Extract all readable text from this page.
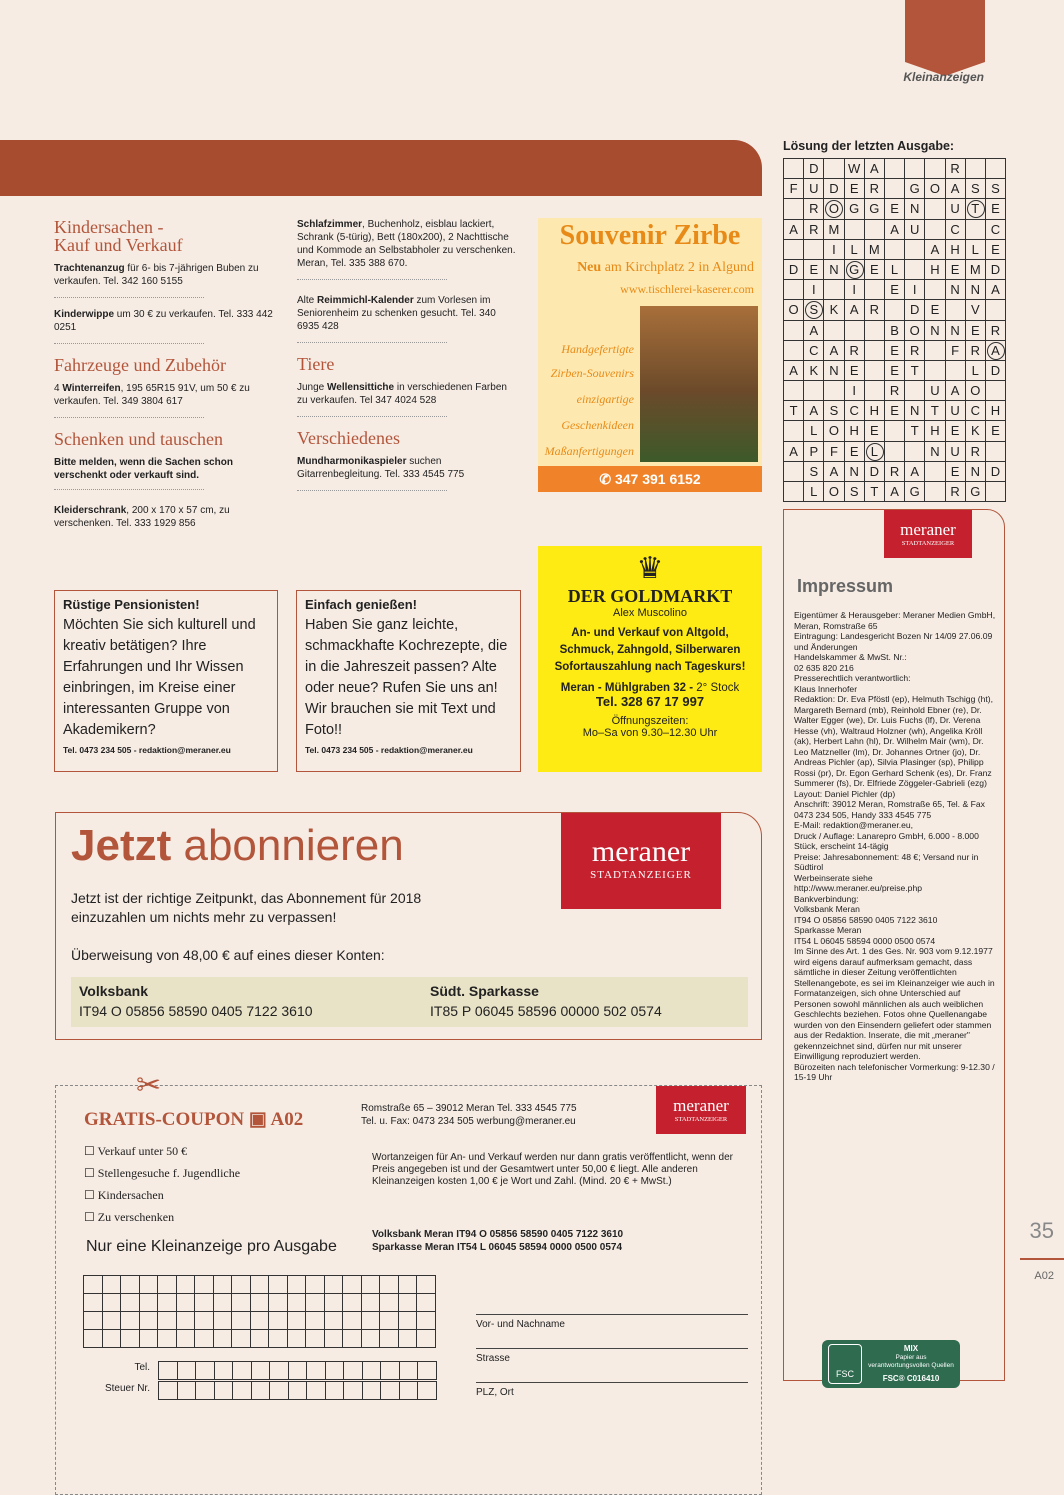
Kleinanzeigen
Kindersachen -
Kauf und Verkauf
Trachtenanzug für 6- bis 7-jährigen Buben zu verkaufen. Tel. 342 160 5155
Kinderwippe um 30 € zu verkaufen. Tel. 333 442 0251
Fahrzeuge und Zubehör
4 Winterreifen, 195 65R15 91V, um 50 € zu verkaufen. Tel. 349 3804 617
Schenken und tauschen
Bitte melden, wenn die Sachen schon verschenkt oder verkauft sind.
Kleiderschrank, 200 x 170 x 57 cm, zu verschenken. Tel. 333 1929 856
Schlafzimmer, Buchenholz, eisblau lackiert, Schrank (5-türig), Bett (180x200), 2 Nachttische und Kommode an Selbstabholer zu verschenken. Meran, Tel. 335 388 670.
Alte Reimmichl-Kalender zum Vorlesen im Seniorenheim zu schenken gesucht. Tel. 340 6935 428
Tiere
Junge Wellensittiche in verschiedenen Farben zu verkaufen. Tel 347 4024 528
Verschiedenes
Mundharmonikaspieler suchen Gitarrenbegleitung. Tel. 333 4545 775
Souvenir Zirbe
Neu am Kirchplatz 2 in Algund
www.tischlerei-kaserer.com
Handgefertigte
Zirben-Souvenirs
einzigartige
Geschenkideen
Maßanfertigungen
✆ 347 391 6152
♛
DER GOLDMARKT
Alex Muscolino
An- und Verkauf von Altgold, Schmuck, Zahngold, Silberwaren
Sofortauszahlung nach Tageskurs!
Meran - Mühlgraben 32 - 2° Stock
Tel. 328 67 17 997
Öffnungszeiten:
Mo–Sa von 9.30–12.30 Uhr
Rüstige Pensionisten!
Möchten Sie sich kulturell und kreativ betätigen? Ihre Erfahrungen und Ihr Wissen einbringen, im Kreise einer interessanten Gruppe von Akademikern?
Tel. 0473 234 505 - redaktion@meraner.eu
Einfach genießen!
Haben Sie ganz leichte, schmackhafte Kochrezepte, die in die Jahreszeit passen? Alte oder neue? Rufen Sie uns an! Wir brauchen sie mit Text und Foto!!
Tel. 0473 234 505 - redaktion@meraner.eu
Jetzt abonnieren	meraner
STADTANZEIGER
Jetzt ist der richtige Zeitpunkt, das Abonnement für 2018 einzuzahlen um nichts mehr zu verpassen!
Überweisung von 48,00 € auf eines dieser Konten:
Volksbank
IT94 O 05856 58590 0405 7122 3610
Südt. Sparkasse
IT85 P 06045 58596 00000 502 0574
✂
GRATIS-COUPON ▣ A02
Romstraße 65 – 39012 Meran Tel. 333 4545 775
Tel. u. Fax: 0473 234 505 werbung@meraner.eu
meraner
STADTANZEIGER
☐ Verkauf unter 50 €
☐ Stellengesuche f. Jugendliche
☐ Kindersachen
☐ Zu verschenken
Nur eine Kleinanzeige pro Ausgabe
Wortanzeigen für An- und Verkauf werden nur dann gratis veröffentlicht, wenn der Preis angegeben ist und der Gesamtwert unter 50,00 € liegt. Alle anderen Kleinanzeigen kosten 1,00 € je Wort und Zahl. (Mind. 20 € + MwSt.)
Volksbank Meran IT94 O 05856 58590 0405 7122 3610
Sparkasse Meran IT54 L 06045 58594 0000 0500 0574
Tel.
Steuer Nr.
Vor- und Nachname
Strasse
PLZ, Ort
Lösung der letzten Ausgabe:
D	W A	R
F U D E R	G O A S S
R O G G E N	U T E
A R M	A U	C	C
I	L M	A H L E
D E N G E L	H E M D
I	I	E	I	N N A
O S K A R	D E	V
A	B O N N E R
C A R	E R	F R A
A K N E	E T	L D
I	R	U A O
T A S C H E N T U C H
L O H E	T H E K E
A P F E L	N U R
S A N D R A	E N D
L O S T A G	R G
meraner
STADTANZEIGER
Impressum
Eigentümer & Herausgeber: Meraner Medien GmbH, Meran, Romstraße 65
Eintragung: Landesgericht Bozen Nr 14/09 27.06.09 und Änderungen
Handelskammer & MwSt. Nr.:
02 635 820 216
Presserechtlich verantwortlich:
Klaus Innerhofer
Redaktion: Dr. Eva Pföstl (ep), Helmuth Tschigg (ht), Margareth Bernard (mb), Reinhold Ebner (re), Dr. Walter Egger (we), Dr. Luis Fuchs (lf), Dr. Verena Hesse (vh), Waltraud Holzner (wh), Angelika Kröll (ak), Herbert Lahn (hl), Dr. Wilhelm Mair (wm), Dr. Leo Matzneller (lm), Dr. Johannes Ortner (jo), Dr. Andreas Pichler (ap), Silvia Plasinger (sp), Philipp Rossi (pr), Dr. Egon Gerhard Schenk (es), Dr. Franz Summerer (fs), Dr. Elfriede Zöggeler-Gabrieli (ezg)
Layout: Daniel Pichler (dp)
Anschrift: 39012 Meran, Romstraße 65, Tel. & Fax 0473 234 505, Handy 333 4545 775
E-Mail: redaktion@meraner.eu,
Druck / Auflage: Lanarepro GmbH, 6.000 - 8.000 Stück, erscheint 14-tägig
Preise: Jahresabonnement: 48 €; Versand nur in Südtirol
Werbeinserate siehe http://www.meraner.eu/preise.php
Bankverbindung:
Volksbank Meran
IT94 O 05856 58590 0405 7122 3610
Sparkasse Meran
IT54 L 06045 58594 0000 0500 0574
Im Sinne des Art. 1 des Ges. Nr. 903 vom 9.12.1977 wird eigens darauf aufmerksam gemacht, dass sämtliche in dieser Zeitung veröffentlichten Stellenangebote, es sei im Kleinanzeiger wie auch in Formatanzeigen, sich ohne Unterschied auf Personen sowohl männlichen als auch weiblichen Geschlechts beziehen. Fotos ohne Quellenangabe wurden von den Einsendern geliefert oder stammen aus der Redaktion. Inserate, die mit „meraner" gekennzeichnet sind, dürfen nur mit unserer Einwilligung reproduziert werden.
Bürozeiten nach telefonischer Vormerkung: 9-12.30 / 15-19 Uhr
FSC
MIX
Papier aus verantwortungsvollen Quellen
FSC® C016410
35
A02
